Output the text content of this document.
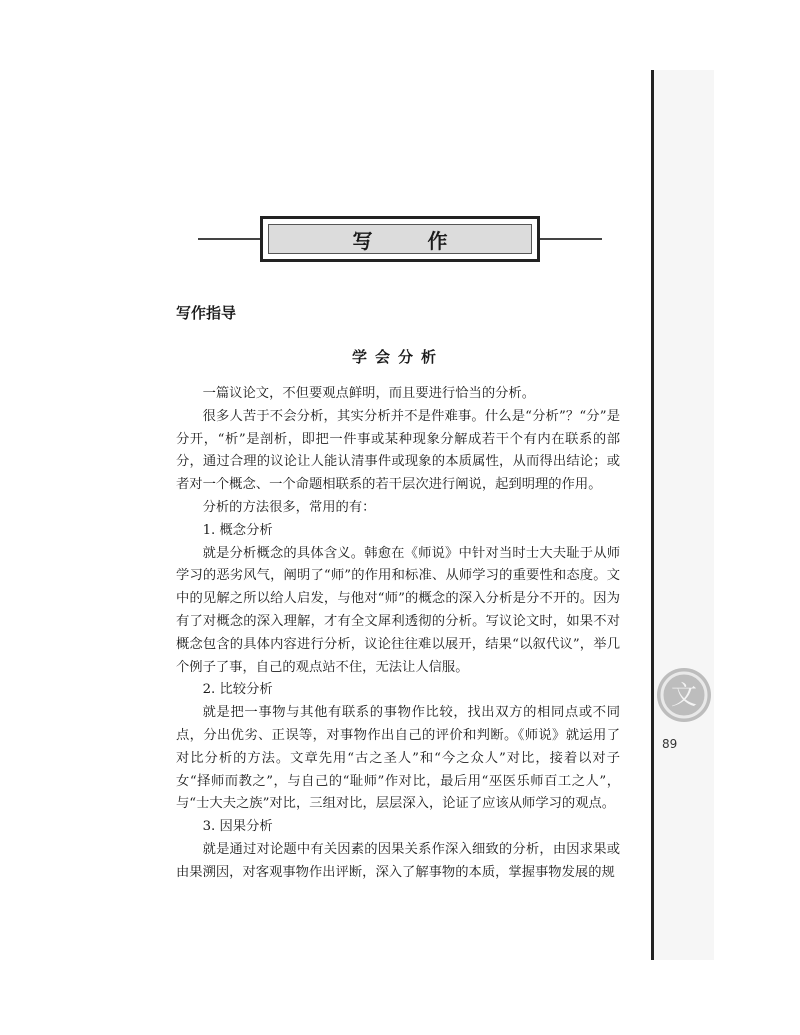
写 作
写作指导
学会分析

一篇议论文，不但要观点鲜明，而且要进行恰当的分析。

很多人苦于不会分析，其实分析并不是件难事。什么是“分析”？“分”是分开，“析”是剖析，即把一件事或某种现象分解成若干个有内在联系的部分，通过合理的议论让人能认清事件或现象的本质属性，从而得出结论；或者对一个概念、一个命题相联系的若干层次进行阐说，起到明理的作用。

分析的方法很多，常用的有：

1. 概念分析

就是分析概念的具体含义。韩愈在《师说》中针对当时士大夫耻于从师学习的恶劣风气，阐明了“师”的作用和标准、从师学习的重要性和态度。文中的见解之所以给人启发，与他对“师”的概念的深入分析是分不开的。因为有了对概念的深入理解，才有全文犀利透彻的分析。写议论文时，如果不对概念包含的具体内容进行分析，议论往往难以展开，结果“以叙代议”，举几个例子了事，自己的观点站不住，无法让人信服。

2. 比较分析

就是把一事物与其他有联系的事物作比较，找出双方的相同点或不同点，分出优劣、正误等，对事物作出自己的评价和判断。《师说》就运用了对比分析的方法。文章先用“古之圣人”和“今之众人”对比，接着以对子女“择师而教之”，与自己的“耻师”作对比，最后用“巫医乐师百工之人”，与“士大夫之族”对比，三组对比，层层深入，论证了应该从师学习的观点。

3. 因果分析

就是通过对论题中有关因素的因果关系作深入细致的分析，由因求果或由果溯因，对客观事物作出评断，深入了解事物的本质，掌握事物发展的规

文
89
